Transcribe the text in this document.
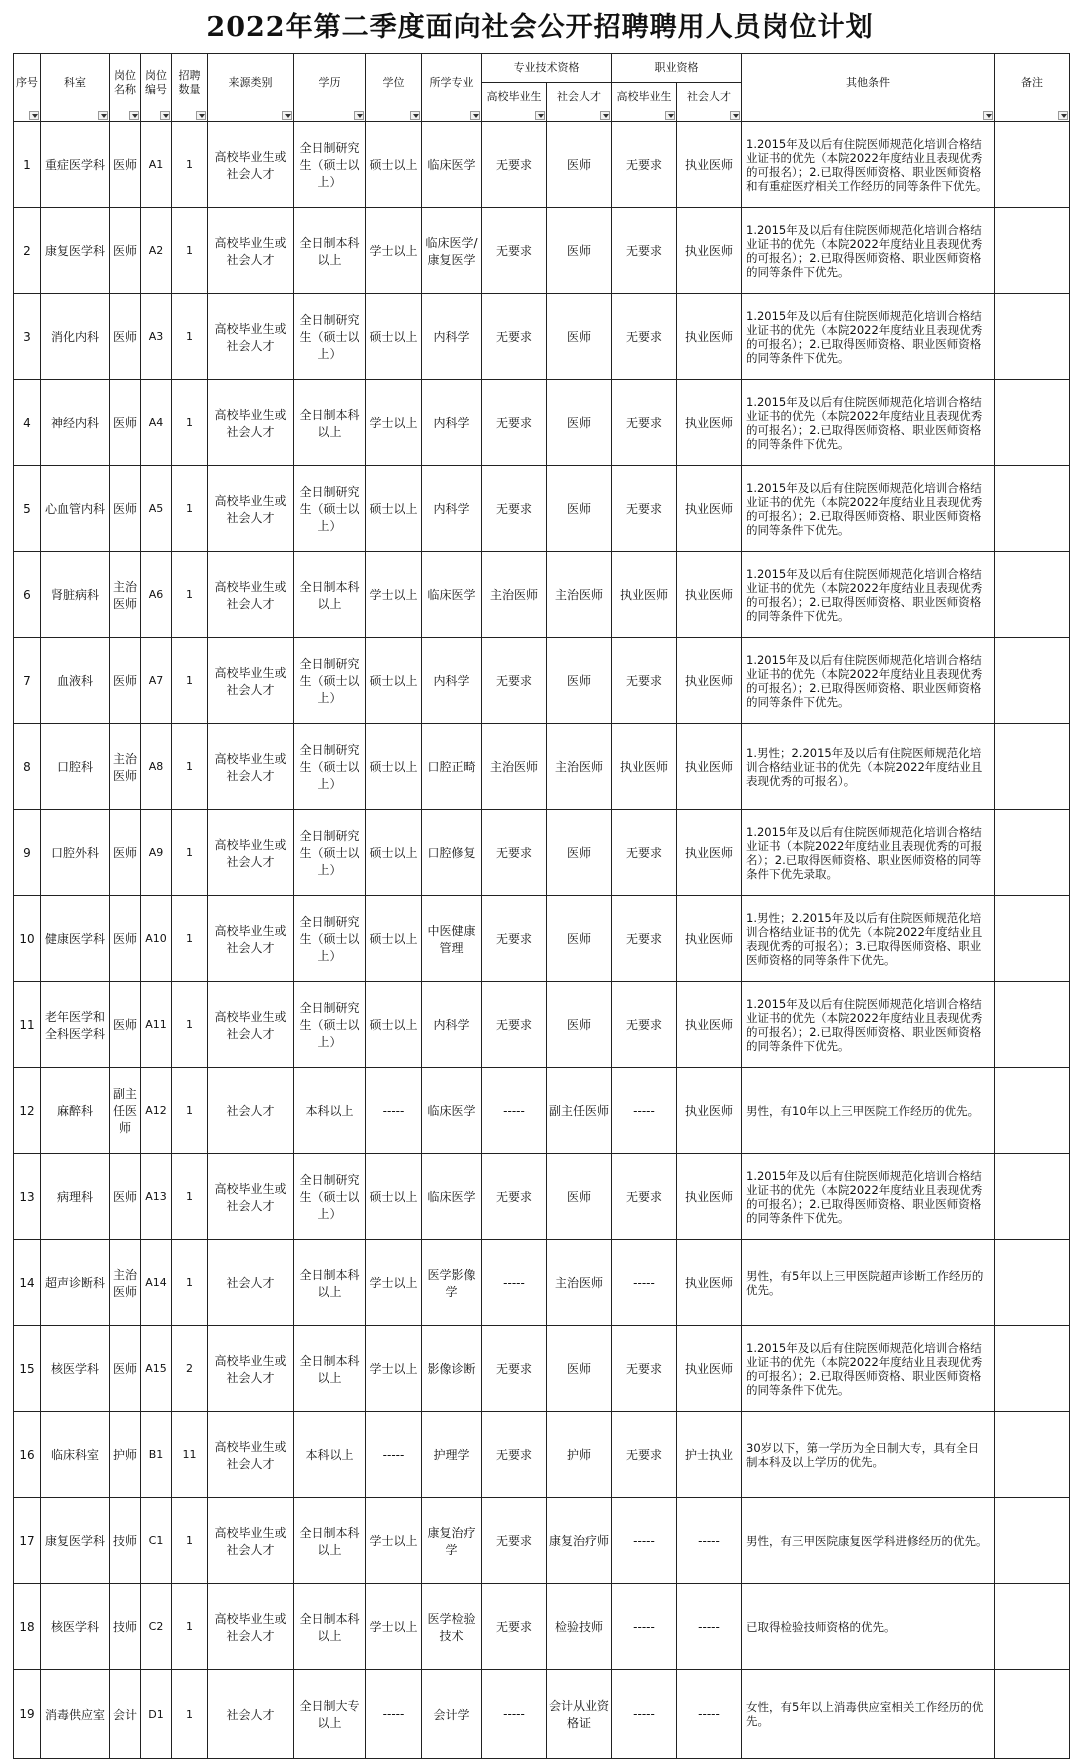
2022年第二季度面向社会公开招聘聘用人员岗位计划
序号	科室	岗位名称	岗位编号	招聘数量	来源类别	学历	学位	所学专业	专业技术资格		职业资格		其他条件	备注

									高校毕业生	社会人才	高校毕业生	社会人才		

1	重症医学科	医师	A1	1	高校毕业生或社会人才	全日制研究生（硕士以上）	硕士以上	临床医学	无要求	医师	无要求	执业医师	1.2015年及以后有住院医师规范化培训合格结业证书的优先（本院2022年度结业且表现优秀的可报名）；2.已取得医师资格、职业医师资格和有重症医疗相关工作经历的同等条件下优先。	
2	康复医学科	医师	A2	1	高校毕业生或社会人才	全日制本科以上	学士以上	临床医学/康复医学	无要求	医师	无要求	执业医师	1.2015年及以后有住院医师规范化培训合格结业证书的优先（本院2022年度结业且表现优秀的可报名）；2.已取得医师资格、职业医师资格的同等条件下优先。	
3	消化内科	医师	A3	1	高校毕业生或社会人才	全日制研究生（硕士以上）	硕士以上	内科学	无要求	医师	无要求	执业医师	1.2015年及以后有住院医师规范化培训合格结业证书的优先（本院2022年度结业且表现优秀的可报名）；2.已取得医师资格、职业医师资格的同等条件下优先。	
4	神经内科	医师	A4	1	高校毕业生或社会人才	全日制本科以上	学士以上	内科学	无要求	医师	无要求	执业医师	1.2015年及以后有住院医师规范化培训合格结业证书的优先（本院2022年度结业且表现优秀的可报名）；2.已取得医师资格、职业医师资格的同等条件下优先。	
5	心血管内科	医师	A5	1	高校毕业生或社会人才	全日制研究生（硕士以上）	硕士以上	内科学	无要求	医师	无要求	执业医师	1.2015年及以后有住院医师规范化培训合格结业证书的优先（本院2022年度结业且表现优秀的可报名）；2.已取得医师资格、职业医师资格的同等条件下优先。	
6	肾脏病科	主治医师	A6	1	高校毕业生或社会人才	全日制本科以上	学士以上	临床医学	主治医师	主治医师	执业医师	执业医师	1.2015年及以后有住院医师规范化培训合格结业证书的优先（本院2022年度结业且表现优秀的可报名）；2.已取得医师资格、职业医师资格的同等条件下优先。	
7	血液科	医师	A7	1	高校毕业生或社会人才	全日制研究生（硕士以上）	硕士以上	内科学	无要求	医师	无要求	执业医师	1.2015年及以后有住院医师规范化培训合格结业证书的优先（本院2022年度结业且表现优秀的可报名）；2.已取得医师资格、职业医师资格的同等条件下优先。	
8	口腔科	主治医师	A8	1	高校毕业生或社会人才	全日制研究生（硕士以上）	硕士以上	口腔正畸	主治医师	主治医师	执业医师	执业医师	1.男性；2.2015年及以后有住院医师规范化培训合格结业证书的优先（本院2022年度结业且表现优秀的可报名）。	
9	口腔外科	医师	A9	1	高校毕业生或社会人才	全日制研究生（硕士以上）	硕士以上	口腔修复	无要求	医师	无要求	执业医师	1.2015年及以后有住院医师规范化培训合格结业证书（本院2022年度结业且表现优秀的可报名）；2.已取得医师资格、职业医师资格的同等条件下优先录取。	
10	健康医学科	医师	A10	1	高校毕业生或社会人才	全日制研究生（硕士以上）	硕士以上	中医健康管理	无要求	医师	无要求	执业医师	1.男性；2.2015年及以后有住院医师规范化培训合格结业证书的优先（本院2022年度结业且表现优秀的可报名）；3.已取得医师资格、职业医师资格的同等条件下优先。	
11	老年医学和全科医学科	医师	A11	1	高校毕业生或社会人才	全日制研究生（硕士以上）	硕士以上	内科学	无要求	医师	无要求	执业医师	1.2015年及以后有住院医师规范化培训合格结业证书的优先（本院2022年度结业且表现优秀的可报名）；2.已取得医师资格、职业医师资格的同等条件下优先。	
12	麻醉科	副主任医师	A12	1	社会人才	本科以上	-----	临床医学	-----	副主任医师	-----	执业医师	男性，有10年以上三甲医院工作经历的优先。	
13	病理科	医师	A13	1	高校毕业生或社会人才	全日制研究生（硕士以上）	硕士以上	临床医学	无要求	医师	无要求	执业医师	1.2015年及以后有住院医师规范化培训合格结业证书的优先（本院2022年度结业且表现优秀的可报名）；2.已取得医师资格、职业医师资格的同等条件下优先。	
14	超声诊断科	主治医师	A14	1	社会人才	全日制本科以上	学士以上	医学影像学	-----	主治医师	-----	执业医师	男性，有5年以上三甲医院超声诊断工作经历的优先。	
15	核医学科	医师	A15	2	高校毕业生或社会人才	全日制本科以上	学士以上	影像诊断	无要求	医师	无要求	执业医师	1.2015年及以后有住院医师规范化培训合格结业证书的优先（本院2022年度结业且表现优秀的可报名）；2.已取得医师资格、职业医师资格的同等条件下优先。	
16	临床科室	护师	B1	11	高校毕业生或社会人才	本科以上	-----	护理学	无要求	护师	无要求	护士执业	30岁以下，第一学历为全日制大专，具有全日制本科及以上学历的优先。	
17	康复医学科	技师	C1	1	高校毕业生或社会人才	全日制本科以上	学士以上	康复治疗学	无要求	康复治疗师	-----	-----	男性，有三甲医院康复医学科进修经历的优先。	
18	核医学科	技师	C2	1	高校毕业生或社会人才	全日制本科以上	学士以上	医学检验技术	无要求	检验技师	-----	-----	已取得检验技师资格的优先。	
19	消毒供应室	会计	D1	1	社会人才	全日制大专以上	-----	会计学	-----	会计从业资格证	-----	-----	女性，有5年以上消毒供应室相关工作经历的优先。	
